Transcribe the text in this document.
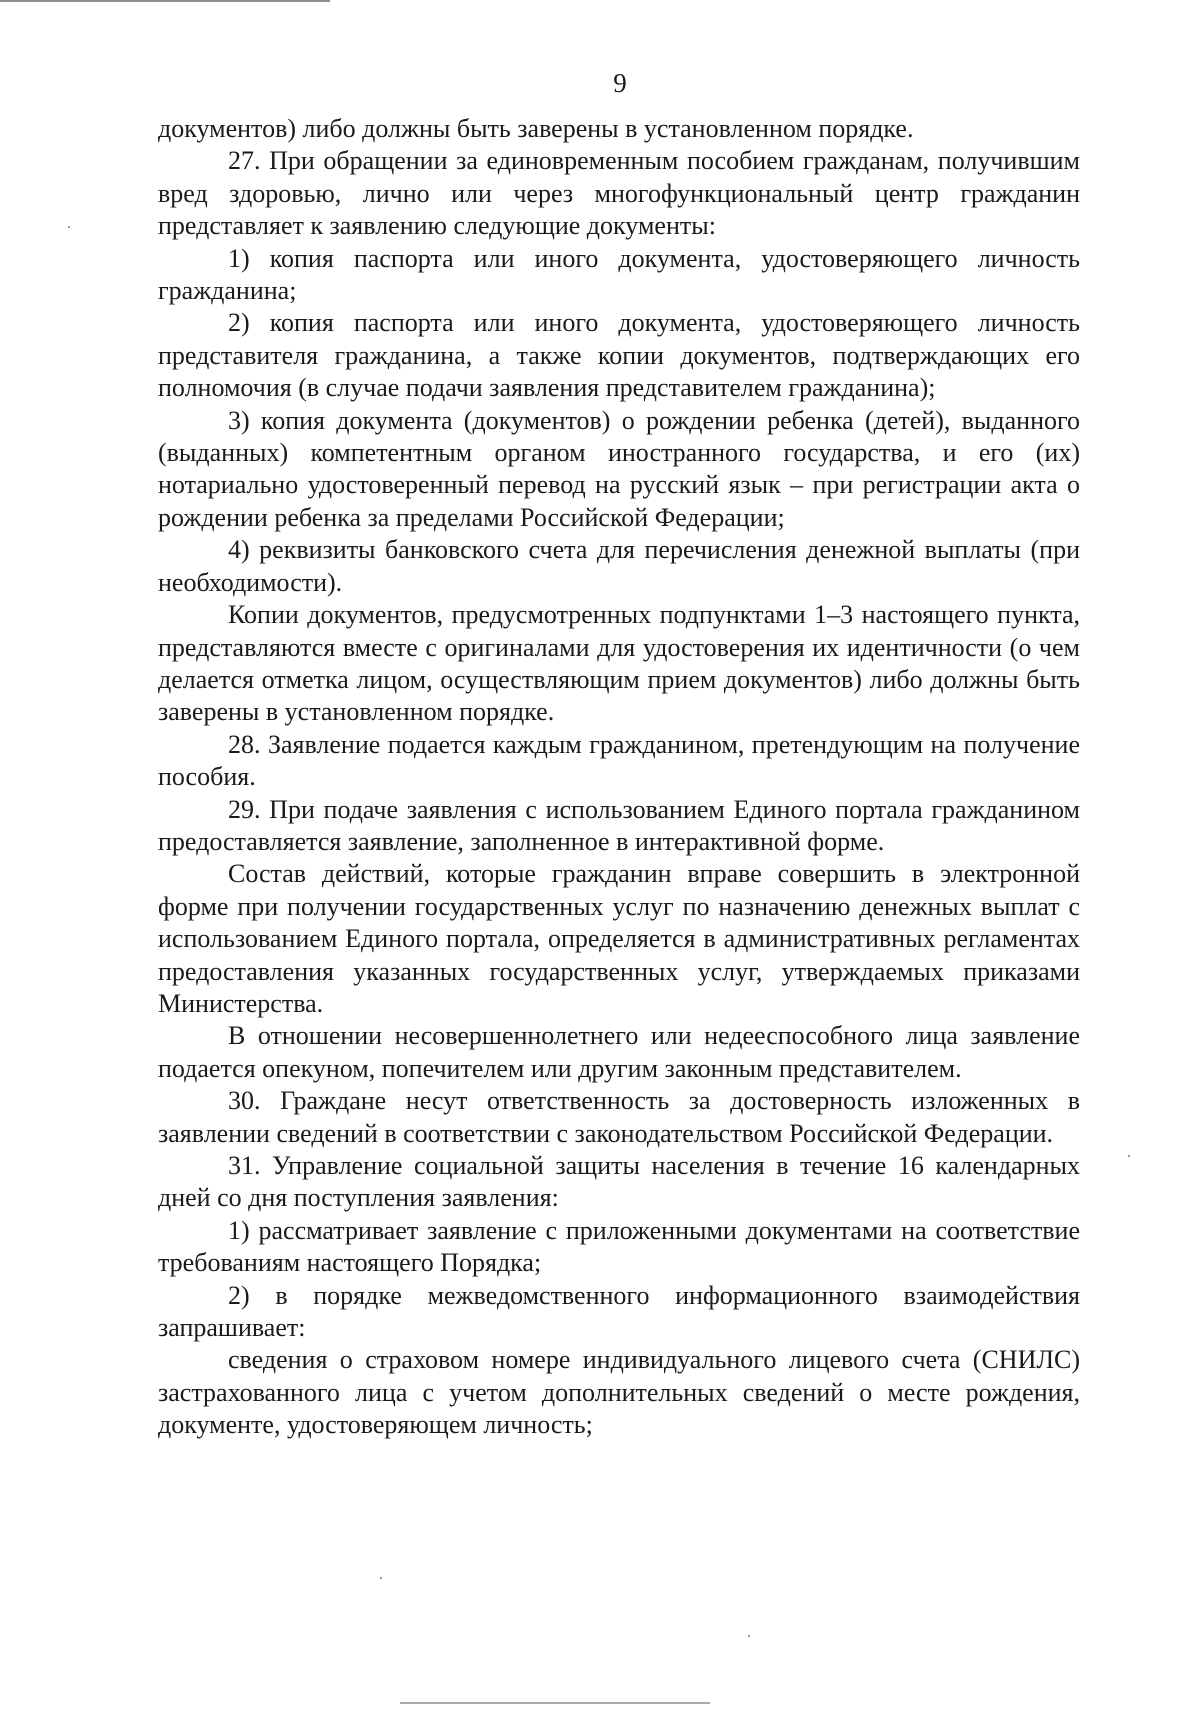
9

документов) либо должны быть заверены в установленном порядке.

27. При обращении за единовременным пособием гражданам, получившим вред здоровью, лично или через многофункциональный центр гражданин представляет к заявлению следующие документы:

1) копия паспорта или иного документа, удостоверяющего личность гражданина;

2) копия паспорта или иного документа, удостоверяющего личность представителя гражданина, а также копии документов, подтверждающих его полномочия (в случае подачи заявления представителем гражданина);

3) копия документа (документов) о рождении ребенка (детей), выданного (выданных) компетентным органом иностранного государства, и его (их) нотариально удостоверенный перевод на русский язык – при регистрации акта о рождении ребенка за пределами Российской Федерации;

4) реквизиты банковского счета для перечисления денежной выплаты (при необходимости).

Копии документов, предусмотренных подпунктами 1–3 настоящего пункта, представляются вместе с оригиналами для удостоверения их идентичности (о чем делается отметка лицом, осуществляющим прием документов) либо должны быть заверены в установленном порядке.

28. Заявление подается каждым гражданином, претендующим на получение пособия.

29. При подаче заявления с использованием Единого портала гражданином предоставляется заявление, заполненное в интерактивной форме.

Состав действий, которые гражданин вправе совершить в электронной форме при получении государственных услуг по назначению денежных выплат с использованием Единого портала, определяется в административных регламентах предоставления указанных государственных услуг, утверждаемых приказами Министерства.

В отношении несовершеннолетнего или недееспособного лица заявление подается опекуном, попечителем или другим законным представителем.

30. Граждане несут ответственность за достоверность изложенных в заявлении сведений в соответствии с законодательством Российской Федерации.

31. Управление социальной защиты населения в течение 16 календарных дней со дня поступления заявления:

1) рассматривает заявление с приложенными документами на соответствие требованиям настоящего Порядка;

2) в порядке межведомственного информационного взаимодействия запрашивает:

сведения о страховом номере индивидуального лицевого счета (СНИЛС) застрахованного лица с учетом дополнительных сведений о месте рождения, документе, удостоверяющем личность;
